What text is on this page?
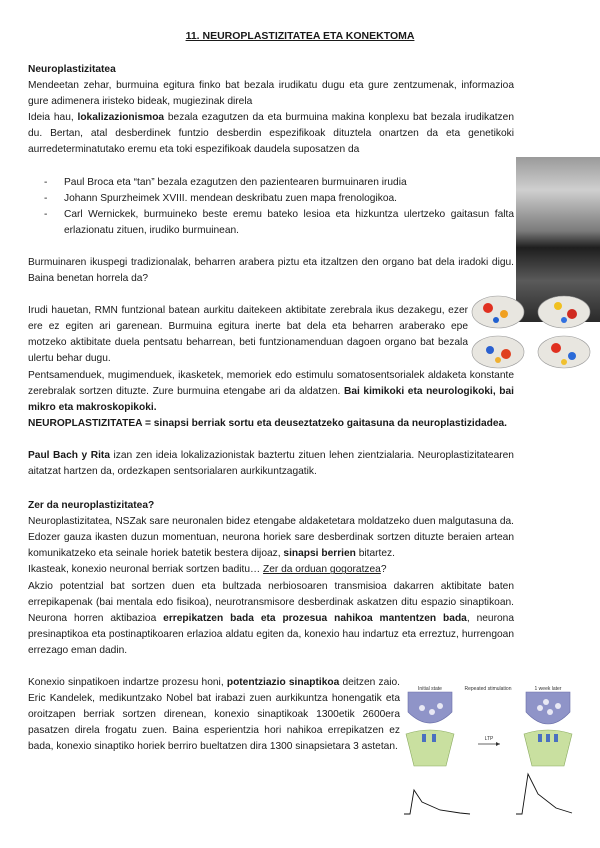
11. NEUROPLASTIZITATEA ETA KONEKTOMA

Neuroplastizitatea

Mendeetan zehar, burmuina egitura finko bat bezala irudikatu dugu eta gure zentzumenak, informazioa gure adimenera iristeko bideak, mugiezinak direla

Ideia hau, lokalizazionismoa bezala ezagutzen da eta burmuina makina konplexu bat bezala irudikatzen du. Bertan, atal desberdinek funtzio desberdin espezifikoak dituztela onartzen da eta genetikoki aurredeterminatutako eremu eta toki espezifikoak daudela suposatzen da

- Paul Broca eta “tan” bezala ezagutzen den pazientearen burmuinaren irudia
- Johann Spurzheimek XVIII. mendean deskribatu zuen mapa frenologikoa.
- Carl Wernickek, burmuineko beste eremu bateko lesioa eta hizkuntza ulertzeko gaitasun falta erlazionatu zituen, irudiko burmuinean.

Burmuinaren ikuspegi tradizionalak, beharren arabera piztu eta itzaltzen den organo bat dela iradoki digu. Baina benetan horrela da?

Irudi hauetan, RMN funtzional batean aurkitu daitekeen aktibitate zerebrala ikus dezakegu, ezer ere ez egiten ari garenean. Burmuina egitura inerte bat dela eta beharren araberako epe motzeko aktibitate duela pentsatu beharrean, beti funtzionamenduan dagoen organo bat bezala ulertu behar dugu.

Pentsamenduek, mugimenduek, ikasketek, memoriek edo estimulu somatosentsorialek aldaketa konstante zerebralak sortzen dituzte. Zure burmuina etengabe ari da aldatzen. Bai kimikoki eta neurologikoki, bai mikro eta makroskopikoki.

NEUROPLASTIZITATEA = sinapsi berriak sortu eta deuseztatzeko gaitasuna da neuroplastizidadea.

Paul Bach y Rita izan zen ideia lokalizazionistak baztertu zituen lehen zientzialaria. Neuroplastizitatearen aitatzat hartzen da, ordezkapen sentsorialaren aurkikuntzagatik.

Zer da neuroplastizitatea?

Neuroplastizitatea, NSZak sare neuronalen bidez etengabe aldaketetara moldatzeko duen malgutasuna da. Edozer gauza ikasten duzun momentuan, neurona horiek sare desberdinak sortzen dituzte beraien artean komunikatzeko eta seinale horiek batetik bestera dijoaz, sinapsi berrien bitartez.

Ikasteak, konexio neuronal berriak sortzen baditu… Zer da orduan gogoratzea?

Akzio potentzial bat sortzen duen eta bultzada nerbiosoaren transmisioa dakarren aktibitate baten errepikapenak (bai mentala edo fisikoa), neurotransmisore desberdinak askatzen ditu espazio sinaptikoan. Neurona horren aktibazioa errepikatzen bada eta prozesua nahikoa mantentzen bada, neurona presinaptikoa eta postinaptikoaren erlazioa aldatu egiten da, konexio hau indartuz eta erreztuz, hurrengoan errezago eman dadin.

Konexio sinpatikoen indartze prozesu honi, potentziazio sinaptikoa deitzen zaio. Eric Kandelek, medikuntzako Nobel bat irabazi zuen aurkikuntza honengatik eta oroitzapen berriak sortzen direnean, konexio sinaptikoak 1300etik 2600era pasatzen direla frogatu zuen. Baina esperientzia hori nahikoa errepikatzen ez bada, konexio sinaptiko horiek berriro bueltatzen dira 1300 sinapsietara 3 astetan.

Initial state	Repeated stimulation	1 week later
LTP
